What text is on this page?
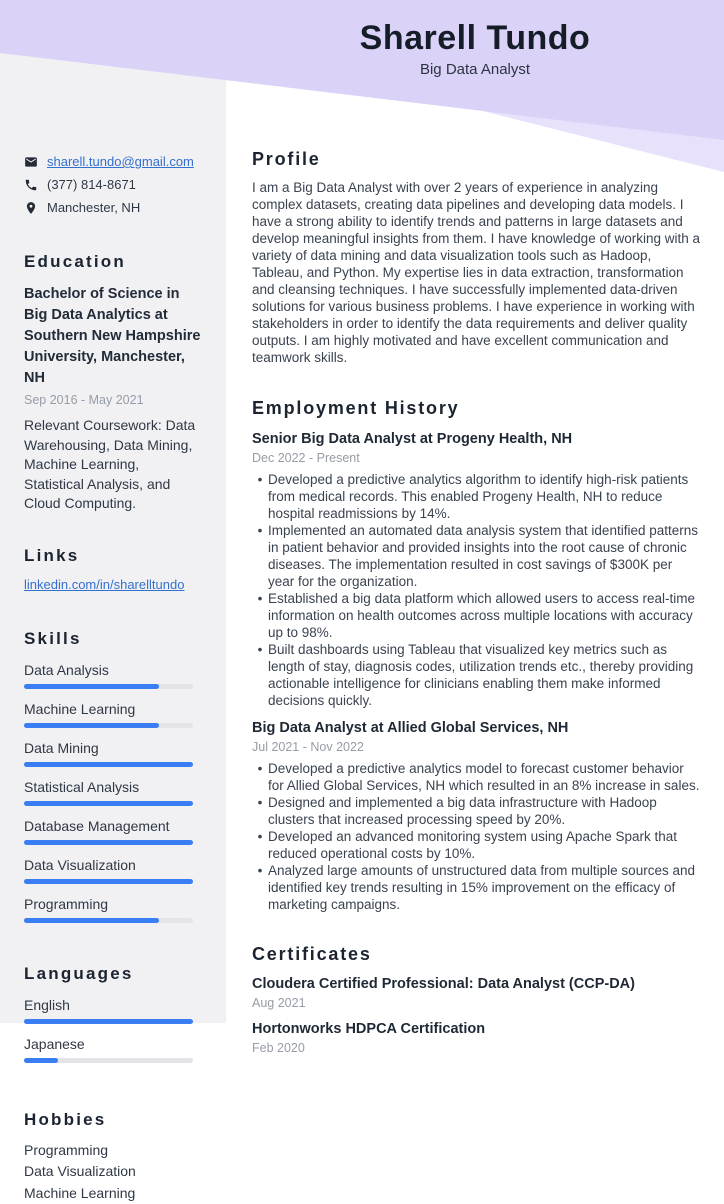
Sharell Tundo
Big Data Analyst
sharell.tundo@gmail.com
(377) 814-8671
Manchester, NH
Education
Bachelor of Science in Big Data Analytics at Southern New Hampshire University, Manchester, NH
Sep 2016 - May 2021
Relevant Coursework: Data Warehousing, Data Mining, Machine Learning, Statistical Analysis, and Cloud Computing.
Links
linkedin.com/in/sharelltundo
Skills
Data Analysis
Machine Learning
Data Mining
Statistical Analysis
Database Management
Data Visualization
Programming
Languages
English
Japanese
Hobbies
Programming
Data Visualization
Machine Learning
Profile
I am a Big Data Analyst with over 2 years of experience in analyzing complex datasets, creating data pipelines and developing data models. I have a strong ability to identify trends and patterns in large datasets and develop meaningful insights from them. I have knowledge of working with a variety of data mining and data visualization tools such as Hadoop, Tableau, and Python. My expertise lies in data extraction, transformation and cleansing techniques. I have successfully implemented data-driven solutions for various business problems. I have experience in working with stakeholders in order to identify the data requirements and deliver quality outputs. I am highly motivated and have excellent communication and teamwork skills.
Employment History
Senior Big Data Analyst at Progeny Health, NH
Dec 2022 - Present
• Developed a predictive analytics algorithm to identify high-risk patients from medical records. This enabled Progeny Health, NH to reduce hospital readmissions by 14%.
• Implemented an automated data analysis system that identified patterns in patient behavior and provided insights into the root cause of chronic diseases. The implementation resulted in cost savings of $300K per year for the organization.
• Established a big data platform which allowed users to access real-time information on health outcomes across multiple locations with accuracy up to 98%.
• Built dashboards using Tableau that visualized key metrics such as length of stay, diagnosis codes, utilization trends etc., thereby providing actionable intelligence for clinicians enabling them make informed decisions quickly.
Big Data Analyst at Allied Global Services, NH
Jul 2021 - Nov 2022
• Developed a predictive analytics model to forecast customer behavior for Allied Global Services, NH which resulted in an 8% increase in sales.
• Designed and implemented a big data infrastructure with Hadoop clusters that increased processing speed by 20%.
• Developed an advanced monitoring system using Apache Spark that reduced operational costs by 10%.
• Analyzed large amounts of unstructured data from multiple sources and identified key trends resulting in 15% improvement on the efficacy of marketing campaigns.
Certificates
Cloudera Certified Professional: Data Analyst (CCP-DA)
Aug 2021
Hortonworks HDPCA Certification
Feb 2020
